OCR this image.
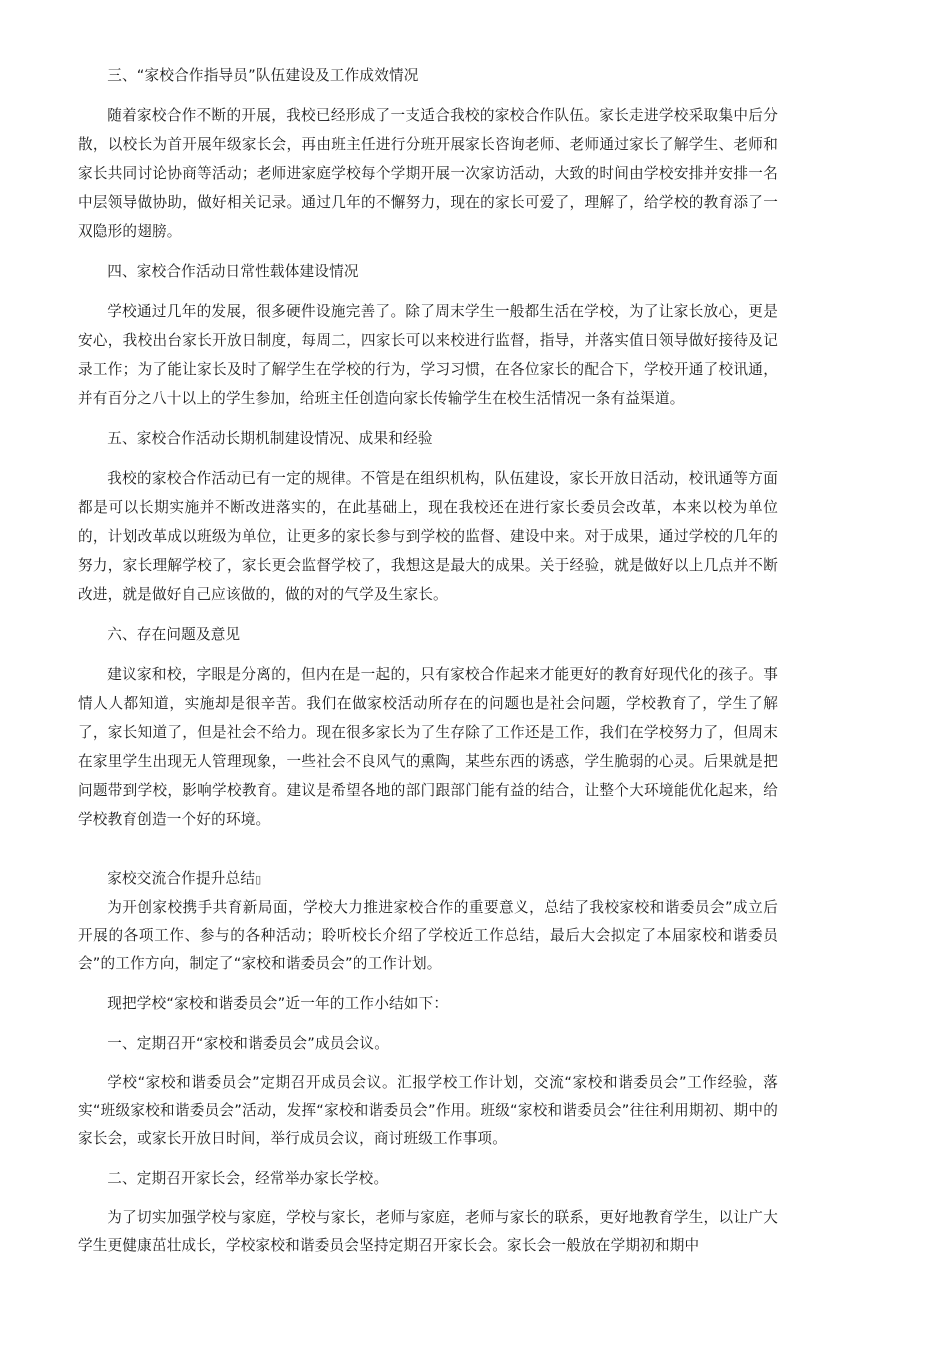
三、“家校合作指导员”队伍建设及工作成效情况

随着家校合作不断的开展，我校已经形成了一支适合我校的家校合作队伍。家长走进学校采取集中后分散，以校长为首开展年级家长会，再由班主任进行分班开展家长咨询老师、老师通过家长了解学生、老师和家长共同讨论协商等活动；老师进家庭学校每个学期开展一次家访活动，大致的时间由学校安排并安排一名中层领导做协助，做好相关记录。通过几年的不懈努力，现在的家长可爱了，理解了，给学校的教育添了一双隐形的翅膀。

四、家校合作活动日常性载体建设情况

学校通过几年的发展，很多硬件设施完善了。除了周末学生一般都生活在学校，为了让家长放心，更是安心，我校出台家长开放日制度，每周二，四家长可以来校进行监督，指导，并落实值日领导做好接待及记录工作；为了能让家长及时了解学生在学校的行为，学习习惯，在各位家长的配合下，学校开通了校讯通，并有百分之八十以上的学生参加，给班主任创造向家长传输学生在校生活情况一条有益渠道。

五、家校合作活动长期机制建设情况、成果和经验

我校的家校合作活动已有一定的规律。不管是在组织机构，队伍建设，家长开放日活动，校讯通等方面都是可以长期实施并不断改进落实的，在此基础上，现在我校还在进行家长委员会改革，本来以校为单位的，计划改革成以班级为单位，让更多的家长参与到学校的监督、建设中来。对于成果，通过学校的几年的努力，家长理解学校了，家长更会监督学校了，我想这是最大的成果。关于经验，就是做好以上几点并不断改进，就是做好自己应该做的，做的对的气学及生家长。

六、存在问题及意见

建议家和校，字眼是分离的，但内在是一起的，只有家校合作起来才能更好的教育好现代化的孩子。事情人人都知道，实施却是很辛苦。我们在做家校活动所存在的问题也是社会问题，学校教育了，学生了解了，家长知道了，但是社会不给力。现在很多家长为了生存除了工作还是工作，我们在学校努力了，但周末在家里学生出现无人管理现象，一些社会不良风气的熏陶，某些东西的诱惑，学生脆弱的心灵。后果就是把问题带到学校，影响学校教育。建议是希望各地的部门跟部门能有益的结合，让整个大环境能优化起来，给学校教育创造一个好的环境。

家校交流合作提升总结▯

为开创家校携手共育新局面，学校大力推进家校合作的重要意义，总结了我校家校和谐委员会”成立后开展的各项工作、参与的各种活动；聆听校长介绍了学校近工作总结，最后大会拟定了本届家校和谐委员会”的工作方向，制定了“家校和谐委员会”的工作计划。

现把学校“家校和谐委员会”近一年的工作小结如下：

一、定期召开“家校和谐委员会”成员会议。

学校“家校和谐委员会”定期召开成员会议。汇报学校工作计划，交流“家校和谐委员会”工作经验，落实“班级家校和谐委员会”活动，发挥“家校和谐委员会”作用。班级“家校和谐委员会”往往利用期初、期中的家长会，或家长开放日时间，举行成员会议，商讨班级工作事项。

二、定期召开家长会，经常举办家长学校。

为了切实加强学校与家庭，学校与家长，老师与家庭，老师与家长的联系，更好地教育学生，以让广大学生更健康茁壮成长，学校家校和谐委员会坚持定期召开家长会。家长会一般放在学期初和期中
